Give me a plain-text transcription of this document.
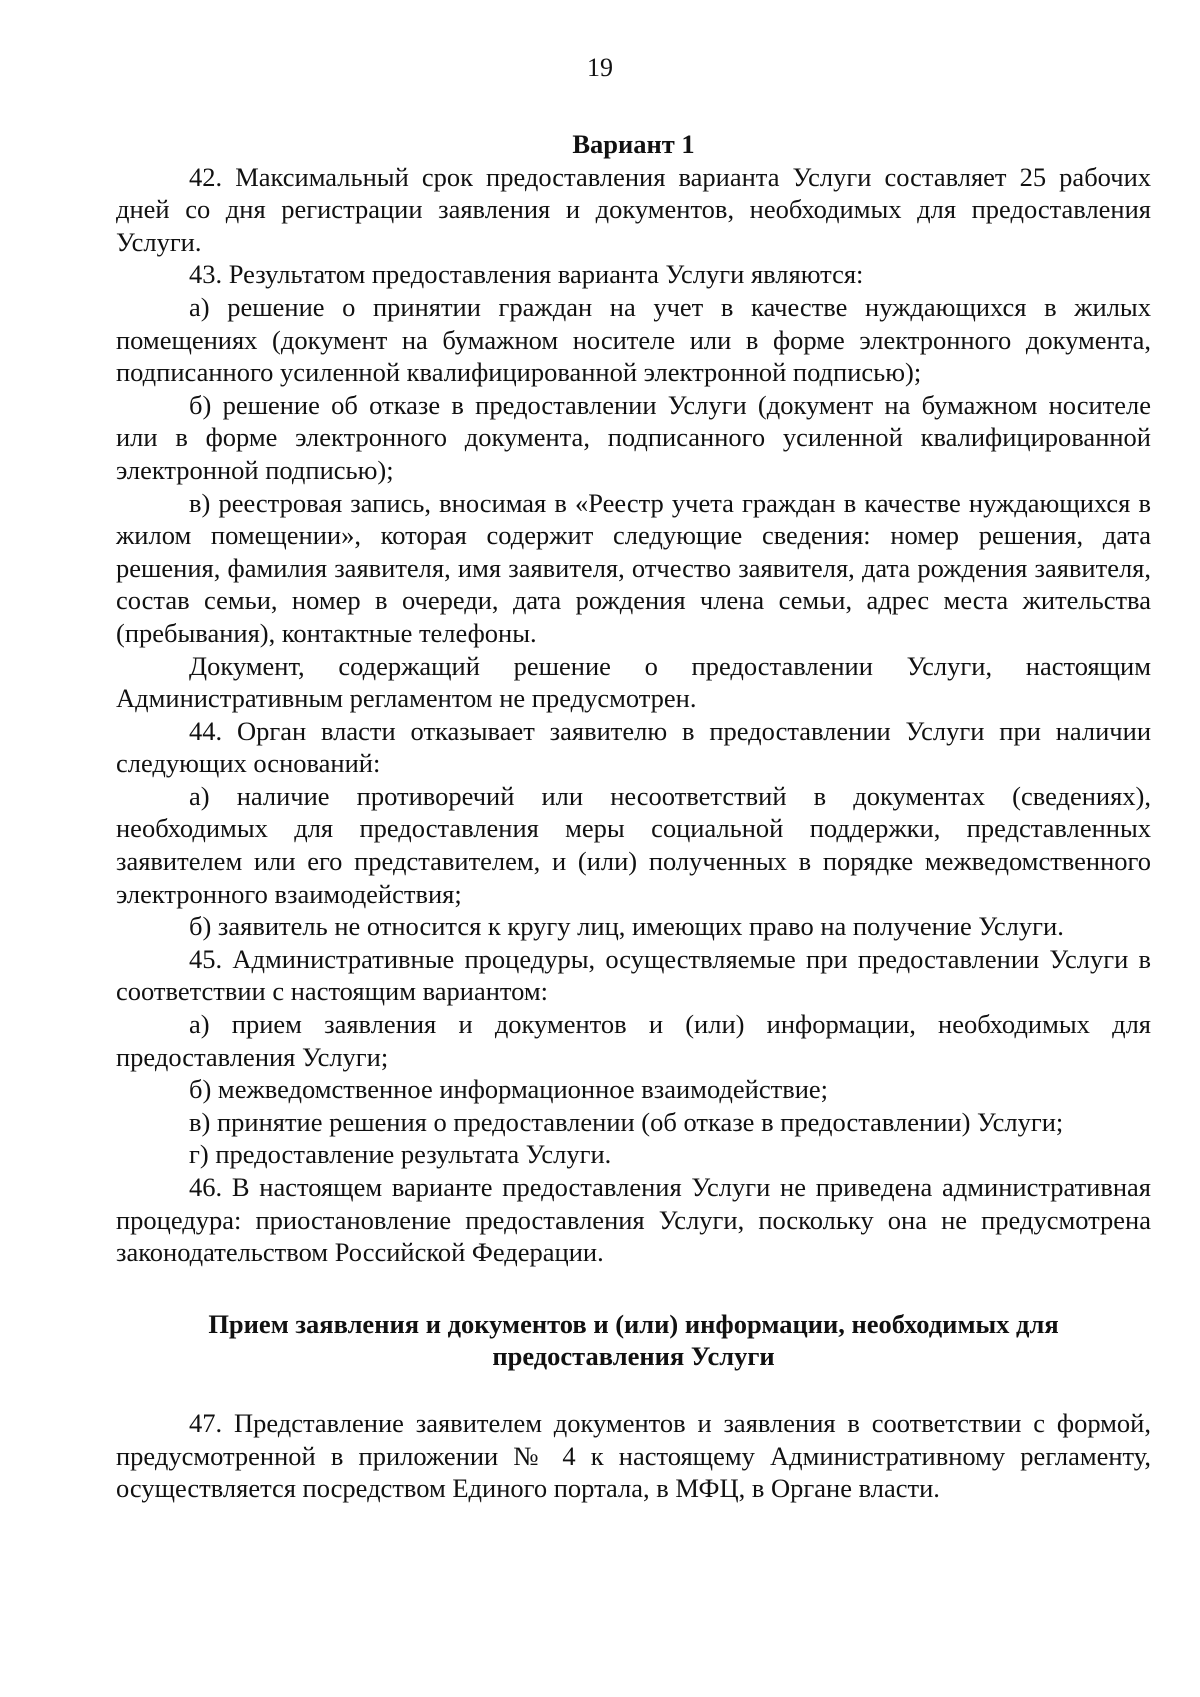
19

Вариант 1

42. Максимальный срок предоставления варианта Услуги составляет 25 рабочих дней со дня регистрации заявления и документов, необходимых для предоставления Услуги.

43. Результатом предоставления варианта Услуги являются:

а) решение о принятии граждан на учет в качестве нуждающихся в жилых помещениях (документ на бумажном носителе или в форме электронного документа, подписанного усиленной квалифицированной электронной подписью);

б) решение об отказе в предоставлении Услуги (документ на бумажном носителе или в форме электронного документа, подписанного усиленной квалифицированной электронной подписью);

в) реестровая запись, вносимая в «Реестр учета граждан в качестве нуждающихся в жилом помещении», которая содержит следующие сведения: номер решения, дата решения, фамилия заявителя, имя заявителя, отчество заявителя, дата рождения заявителя, состав семьи, номер в очереди, дата рождения члена семьи, адрес места жительства (пребывания), контактные телефоны.

Документ, содержащий решение о предоставлении Услуги, настоящим Административным регламентом не предусмотрен.

44. Орган власти отказывает заявителю в предоставлении Услуги при наличии следующих оснований:

а) наличие противоречий или несоответствий в документах (сведениях), необходимых для предоставления меры социальной поддержки, представленных заявителем или его представителем, и (или) полученных в порядке межведомственного электронного взаимодействия;

б) заявитель не относится к кругу лиц, имеющих право на получение Услуги.

45. Административные процедуры, осуществляемые при предоставлении Услуги в соответствии с настоящим вариантом:

а) прием заявления и документов и (или) информации, необходимых для предоставления Услуги;

б) межведомственное информационное взаимодействие;

в) принятие решения о предоставлении (об отказе в предоставлении) Услуги;

г) предоставление результата Услуги.

46. В настоящем варианте предоставления Услуги не приведена административная процедура: приостановление предоставления Услуги, поскольку она не предусмотрена законодательством Российской Федерации.

Прием заявления и документов и (или) информации, необходимых для предоставления Услуги

47. Представление заявителем документов и заявления в соответствии с формой, предусмотренной в приложении № 4 к настоящему Административному регламенту, осуществляется посредством Единого портала, в МФЦ, в Органе власти.
